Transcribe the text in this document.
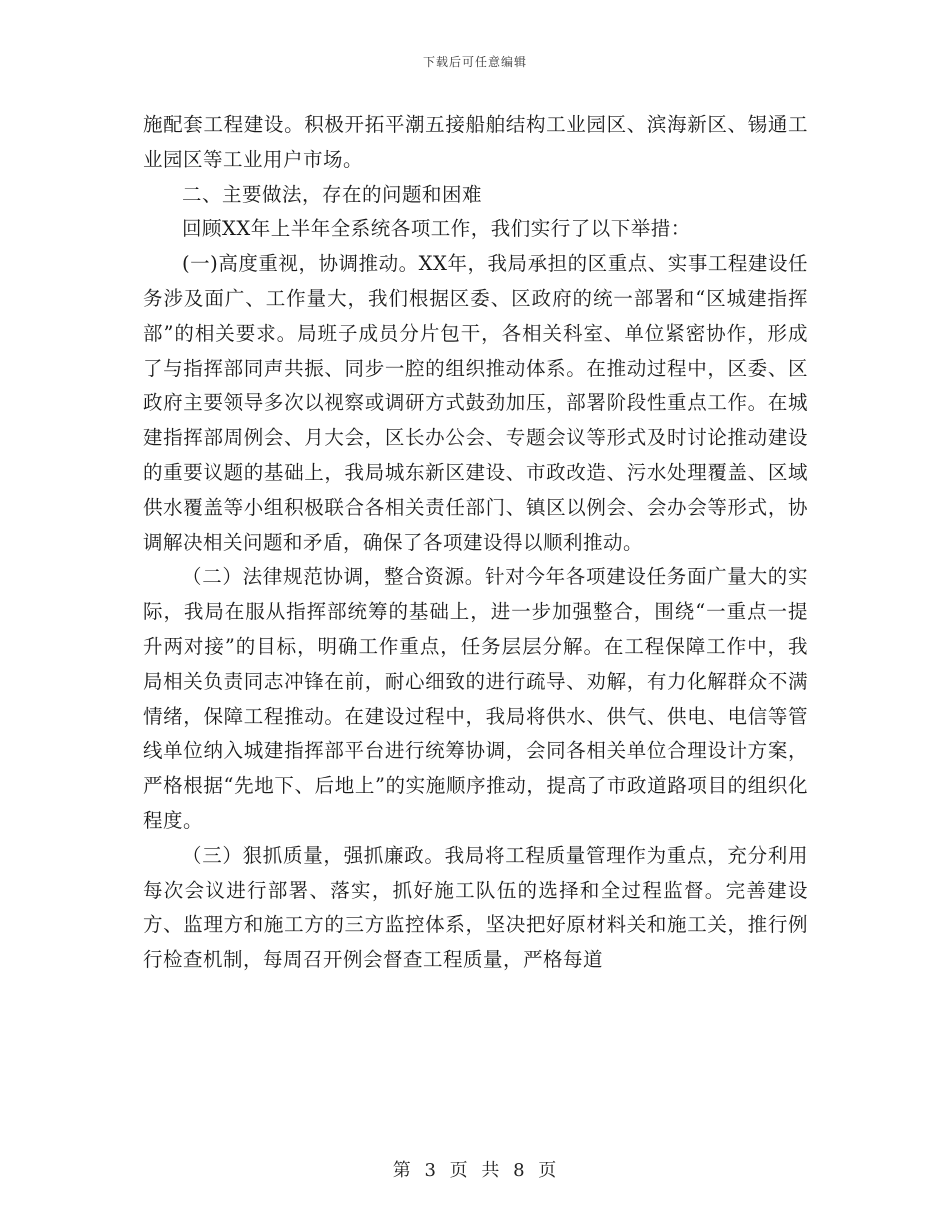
下载后可任意编辑

施配套工程建设。积极开拓平潮五接船舶结构工业园区、滨海新区、锡通工业园区等工业用户市场。

二、主要做法，存在的问题和困难

回顾XX年上半年全系统各项工作，我们实行了以下举措：

(一)高度重视，协调推动。XX年，我局承担的区重点、实事工程建设任务涉及面广、工作量大，我们根据区委、区政府的统一部署和“区城建指挥部”的相关要求。局班子成员分片包干，各相关科室、单位紧密协作，形成了与指挥部同声共振、同步一腔的组织推动体系。在推动过程中，区委、区政府主要领导多次以视察或调研方式鼓劲加压，部署阶段性重点工作。在城建指挥部周例会、月大会，区长办公会、专题会议等形式及时讨论推动建设的重要议题的基础上，我局城东新区建设、市政改造、污水处理覆盖、区域供水覆盖等小组积极联合各相关责任部门、镇区以例会、会办会等形式，协调解决相关问题和矛盾，确保了各项建设得以顺利推动。

（二）法律规范协调，整合资源。针对今年各项建设任务面广量大的实际，我局在服从指挥部统筹的基础上，进一步加强整合，围绕“一重点一提升两对接”的目标，明确工作重点，任务层层分解。在工程保障工作中，我局相关负责同志冲锋在前，耐心细致的进行疏导、劝解，有力化解群众不满情绪，保障工程推动。在建设过程中，我局将供水、供气、供电、电信等管线单位纳入城建指挥部平台进行统筹协调，会同各相关单位合理设计方案，严格根据“先地下、后地上”的实施顺序推动，提高了市政道路项目的组织化程度。

（三）狠抓质量，强抓廉政。我局将工程质量管理作为重点，充分利用每次会议进行部署、落实，抓好施工队伍的选择和全过程监督。完善建设方、监理方和施工方的三方监控体系，坚决把好原材料关和施工关，推行例行检查机制，每周召开例会督查工程质量，严格每道

第 3 页 共 8 页
